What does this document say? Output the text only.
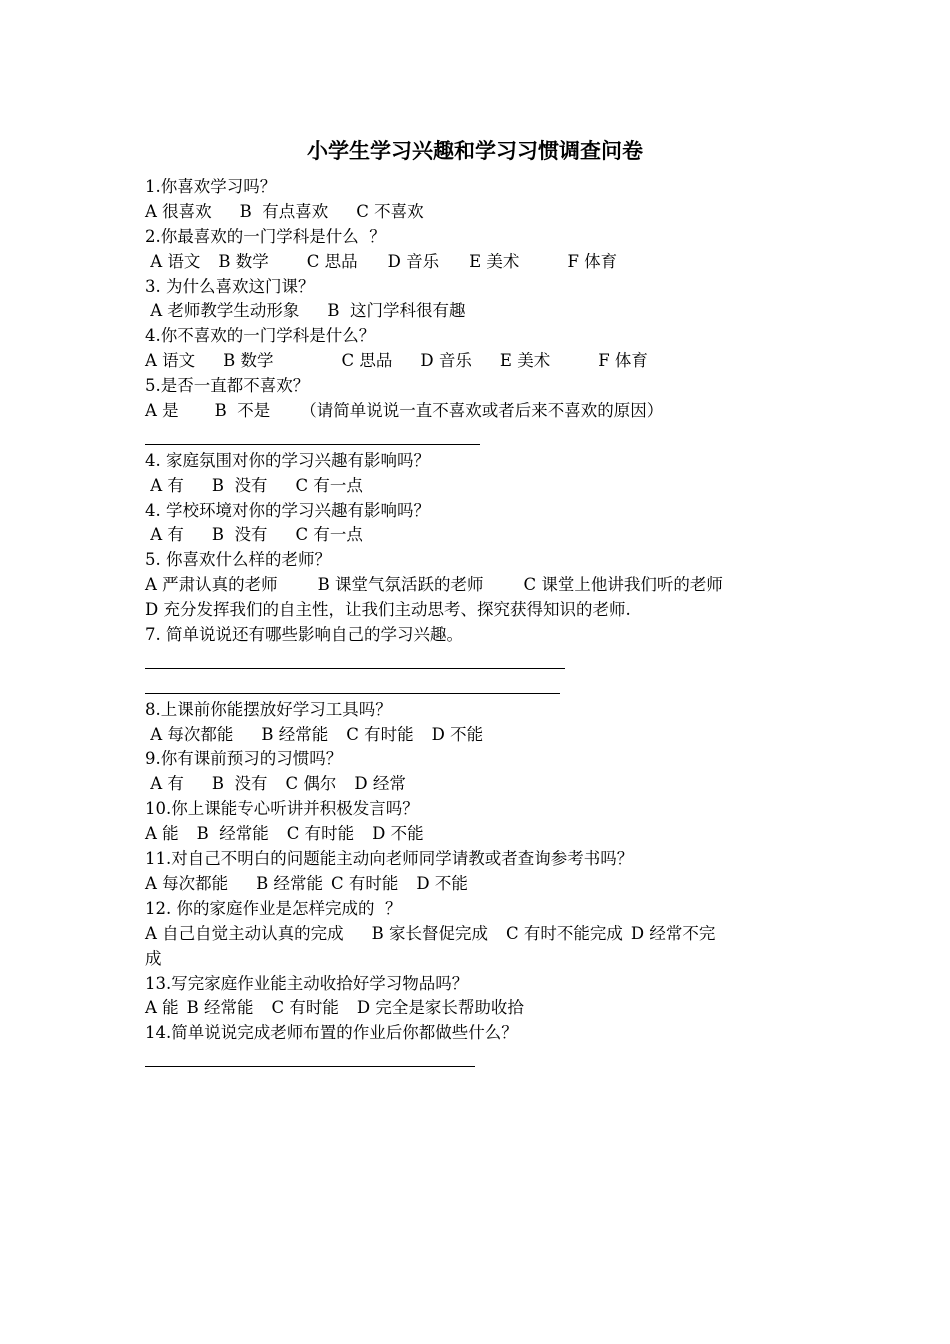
小学生学习兴趣和学习习惯调查问卷
1.你喜欢学习吗？
A 很喜欢 B  有点喜欢 C 不喜欢
2.你最喜欢的一门学科是什么  ？
A 语文 B 数学 C 思品 D 音乐 E 美术	F 体育
3. 为什么喜欢这门课？
A 老师教学生动形象 B  这门学科很有趣
4.你不喜欢的一门学科是什么？
A 语文 B 数学	C 思品 D 音乐 E 美术	F 体育
5.是否一直都不喜欢？
A 是 B  不是 （请简单说说一直不喜欢或者后来不喜欢的原因）
4. 家庭氛围对你的学习兴趣有影响吗？
A 有 B  没有 C 有一点
4. 学校环境对你的学习兴趣有影响吗？
A 有 B  没有 C 有一点
5. 你喜欢什么样的老师？
A 严肃认真的老师 B 课堂气氛活跃的老师 C 课堂上他讲我们听的老师
D 充分发挥我们的自主性，让我们主动思考、探究获得知识的老师.
7. 简单说说还有哪些影响自己的学习兴趣。
8.上课前你能摆放好学习工具吗？
A 每次都能 B 经常能 C 有时能 D 不能
9.你有课前预习的习惯吗？
A 有 B  没有 C 偶尔 D 经常
10.你上课能专心听讲并积极发言吗？
A 能 B  经常能 C 有时能 D 不能
11.对自己不明白的问题能主动向老师同学请教或者查询参考书吗？
A 每次都能 B 经常能 C 有时能 D 不能
12. 你的家庭作业是怎样完成的  ？
A 自己自觉主动认真的完成 B 家长督促完成 C 有时不能完成 D 经常不完
成
13.写完家庭作业能主动收拾好学习物品吗？
A 能 B 经常能 C 有时能 D 完全是家长帮助收拾
14.简单说说完成老师布置的作业后你都做些什么？
